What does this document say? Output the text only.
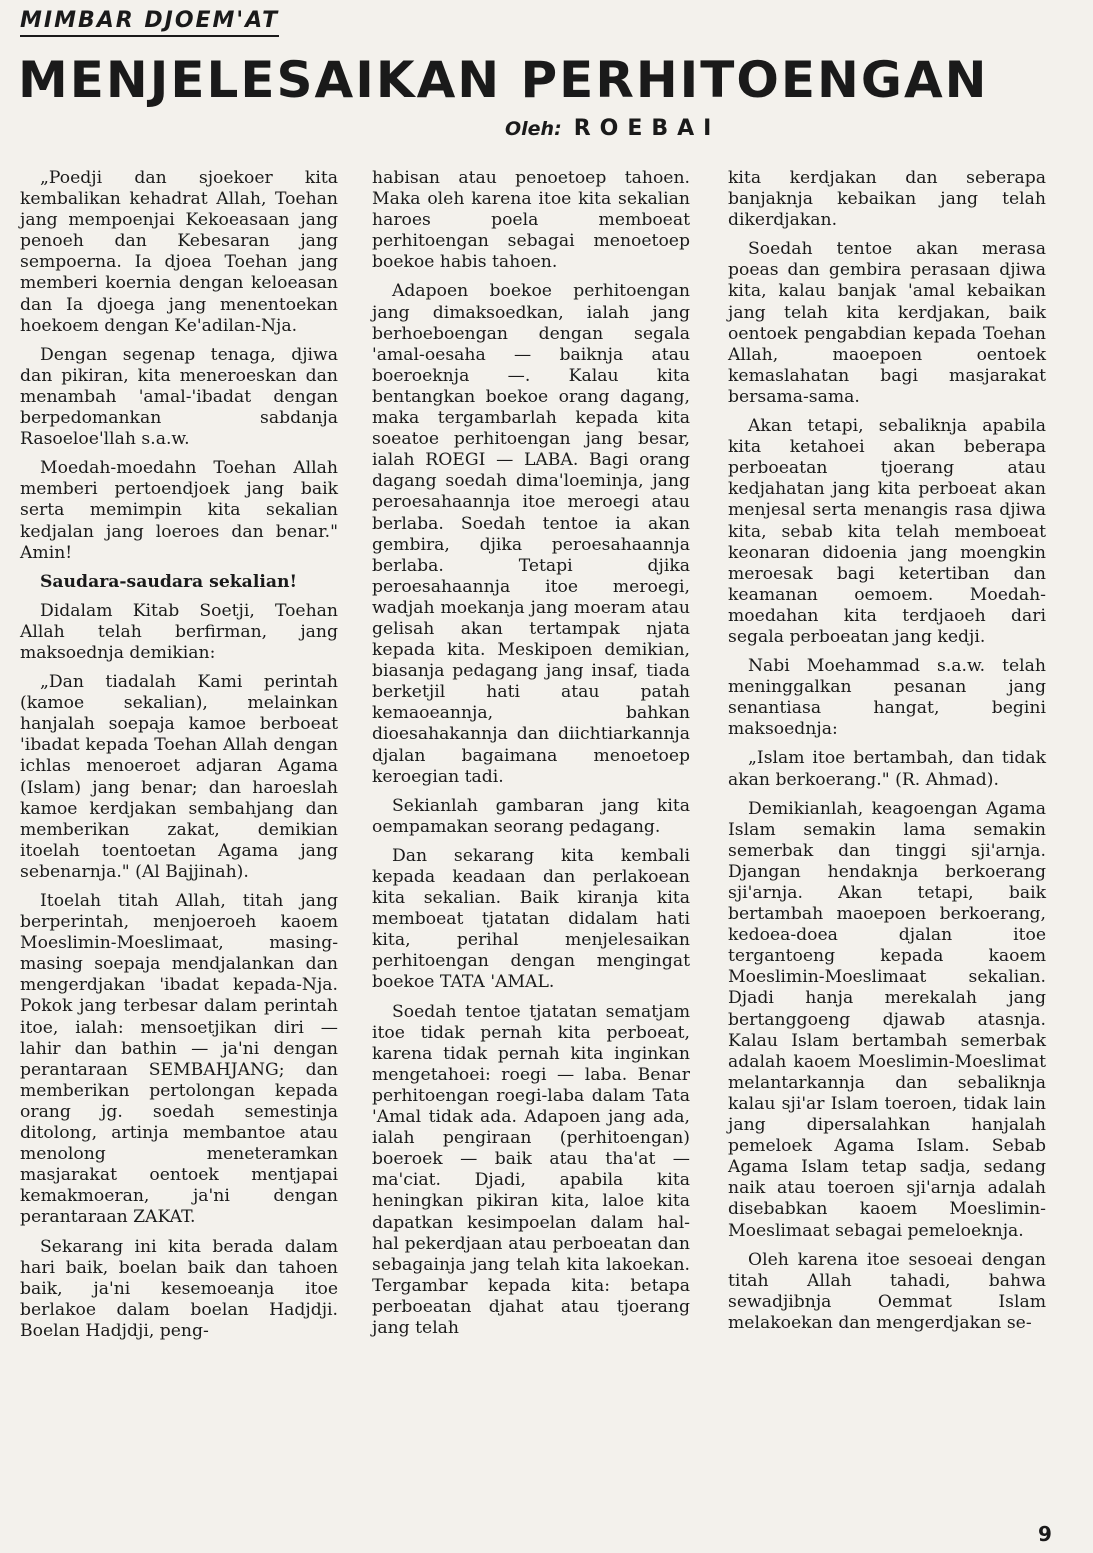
MIMBAR DJOEM'AT
MENJELESAIKAN PERHITOENGAN
Oleh: ROEBAI

„Poedji dan sjoekoer kita kembalikan kehadrat Allah, Toehan jang mempoenjai Kekoeasaan jang penoeh dan Kebesaran jang sempoerna. Ia djoea Toehan jang memberi koernia dengan keloeasan dan Ia djoega jang menentoekan hoekoem dengan Ke'adilan-Nja.

Dengan segenap tenaga, djiwa dan pikiran, kita meneroeskan dan menambah 'amal-'ibadat dengan berpedomankan sabdanja Rasoeloe'llah s.a.w.

Moedah-moedahn Toehan Allah memberi pertoendjoek jang baik serta memimpin kita sekalian kedjalan jang loeroes dan benar." Amin!

Saudara-saudara sekalian!

Didalam Kitab Soetji, Toehan Allah telah berfirman, jang maksoednja demikian:

„Dan tiadalah Kami perintah (kamoe sekalian), melainkan hanjalah soepaja kamoe berboeat 'ibadat kepada Toehan Allah dengan ichlas menoeroet adjaran Agama (Islam) jang benar; dan haroeslah kamoe kerdjakan sembahjang dan memberikan zakat, demikian itoelah toentoetan Agama jang sebenarnja." (Al Bajjinah).

Itoelah titah Allah, titah jang berperintah, menjoeroeh kaoem Moeslimin-Moeslimaat, masing-masing soepaja mendjalankan dan mengerdjakan 'ibadat kepada-Nja. Pokok jang terbesar dalam perintah itoe, ialah: mensoetjikan diri — lahir dan bathin — ja'ni dengan perantaraan SEMBAHJANG; dan memberikan pertolongan kepada orang jg. soedah semestinja ditolong, artinja membantoe atau menolong meneteramkan masjarakat oentoek mentjapai kemakmoeran, ja'ni dengan perantaraan ZAKAT.

Sekarang ini kita berada dalam hari baik, boelan baik dan tahoen baik, ja'ni kesemoeanja itoe berlakoe dalam boelan Hadjdji. Boelan Hadjdji, peng-

habisan atau penoetoep tahoen. Maka oleh karena itoe kita sekalian haroes poela memboeat perhitoengan sebagai menoetoep boekoe habis tahoen.

Adapoen boekoe perhitoengan jang dimaksoedkan, ialah jang berhoeboengan dengan segala 'amal-oesaha — baiknja atau boeroeknja —. Kalau kita bentangkan boekoe orang dagang, maka tergambarlah kepada kita soeatoe perhitoengan jang besar, ialah ROEGI — LABA. Bagi orang dagang soedah dima'loeminja, jang peroesahaannja itoe meroegi atau berlaba. Soedah tentoe ia akan gembira, djika peroesahaannja berlaba. Tetapi djika peroesahaannja itoe meroegi, wadjah moekanja jang moeram atau gelisah akan tertampak njata kepada kita. Meskipoen demikian, biasanja pedagang jang insaf, tiada berketjil hati atau patah kemaoeannja, bahkan dioesahakannja dan diichtiarkannja djalan bagaimana menoetoep keroegian tadi.

Sekianlah gambaran jang kita oempamakan seorang pedagang.

Dan sekarang kita kembali kepada keadaan dan perlakoean kita sekalian. Baik kiranja kita memboeat tjatatan didalam hati kita, perihal menjelesaikan perhitoengan dengan mengingat boekoe TATA 'AMAL.

Soedah tentoe tjatatan sematjam itoe tidak pernah kita perboeat, karena tidak pernah kita inginkan mengetahoei: roegi — laba. Benar perhitoengan roegi-laba dalam Tata 'Amal tidak ada. Adapoen jang ada, ialah pengiraan (perhitoengan) boeroek — baik atau tha'at — ma'ciat. Djadi, apabila kita heningkan pikiran kita, laloe kita dapatkan kesimpoelan dalam hal-hal pekerdjaan atau perboeatan dan sebagainja jang telah kita lakoekan. Tergambar kepada kita: betapa perboeatan djahat atau tjoerang jang telah

kita kerdjakan dan seberapa banjaknja kebaikan jang telah dikerdjakan.

Soedah tentoe akan merasa poeas dan gembira perasaan djiwa kita, kalau banjak 'amal kebaikan jang telah kita kerdjakan, baik oentoek pengabdian kepada Toehan Allah, maoepoen oentoek kemaslahatan bagi masjarakat bersama-sama.

Akan tetapi, sebaliknja apabila kita ketahoei akan beberapa perboeatan tjoerang atau kedjahatan jang kita perboeat akan menjesal serta menangis rasa djiwa kita, sebab kita telah memboeat keonaran didoenia jang moengkin meroesak bagi ketertiban dan keamanan oemoem. Moedah-moedahan kita terdjaoeh dari segala perboeatan jang kedji.

Nabi Moehammad s.a.w. telah meninggalkan pesanan jang senantiasa hangat, begini maksoednja:

„Islam itoe bertambah, dan tidak akan berkoerang." (R. Ahmad).

Demikianlah, keagoengan Agama Islam semakin lama semakin semerbak dan tinggi sji'arnja. Djangan hendaknja berkoerang sji'arnja. Akan tetapi, baik bertambah maoepoen berkoerang, kedoea-doea djalan itoe tergantoeng kepada kaoem Moeslimin-Moeslimaat sekalian. Djadi hanja merekalah jang bertanggoeng djawab atasnja. Kalau Islam bertambah semerbak adalah kaoem Moeslimin-Moeslimat melantarkannja dan sebaliknja kalau sji'ar Islam toeroen, tidak lain jang dipersalahkan hanjalah pemeloek Agama Islam. Sebab Agama Islam tetap sadja, sedang naik atau toeroen sji'arnja adalah disebabkan kaoem Moeslimin-Moeslimaat sebagai pemeloeknja.

Oleh karena itoe sesoeai dengan titah Allah tahadi, bahwa sewadjibnja Oemmat Islam melakoekan dan mengerdjakan se-

9
